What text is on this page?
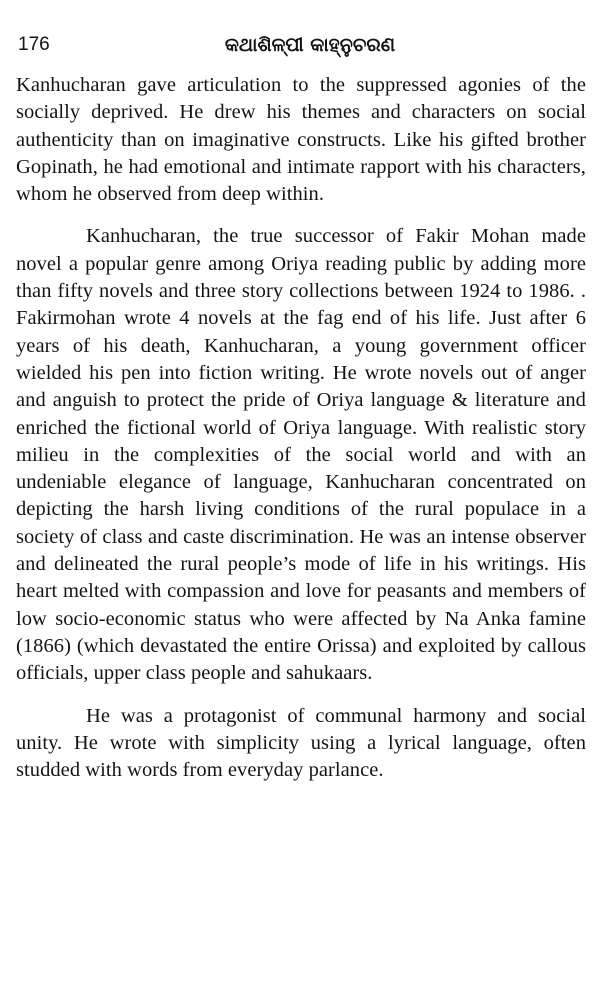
176	କଥାଶିଳ୍ପୀ କାହ୍ନୁଚରଣ

Kanhucharan gave articulation to the suppressed agonies of the socially deprived. He drew his themes and characters on social authenticity than on imaginative constructs. Like his gifted brother Gopinath, he had emotional and intimate rapport with his characters, whom he observed from deep within.

Kanhucharan, the true successor of Fakir Mohan made novel a popular genre among Oriya reading public by adding more than fifty novels and three story collections between 1924 to 1986. . Fakirmohan wrote 4 novels at the fag end of his life. Just after 6 years of his death, Kanhucharan, a young government officer wielded his pen into fiction writing. He wrote novels out of anger and anguish to protect the pride of Oriya language & literature and enriched the fictional world of Oriya language. With realistic story milieu in the complexities of the social world and with an undeniable elegance of language, Kanhucharan concentrated on depicting the harsh living conditions of the rural populace in a society of class and caste discrimination. He was an intense observer and delineated the rural people’s mode of life in his writings. His heart melted with compassion and love for peasants and members of low socio-economic status who were affected by Na Anka famine (1866) (which devastated the entire Orissa) and exploited by callous officials, upper class people and sahukaars.

He was a protagonist of communal harmony and social unity. He wrote with simplicity using a lyrical language, often studded with words from everyday parlance.
